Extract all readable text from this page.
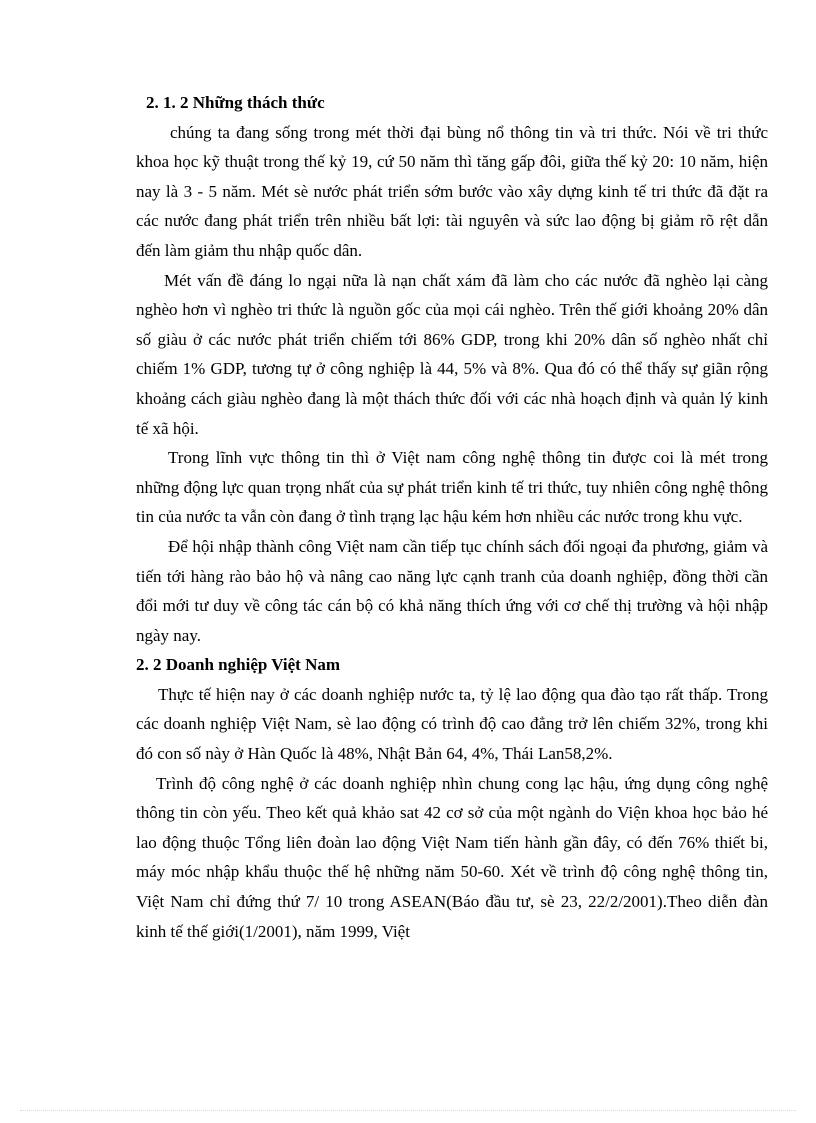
2. 1. 2 Những thách thức

chúng ta đang sống trong mét thời đại bùng nổ thông tin và tri thức. Nói về tri thức khoa học kỹ thuật trong thế kỷ 19, cứ 50 năm thì tăng gấp đôi, giữa thế kỷ 20: 10 năm, hiện nay là 3 - 5 năm. Mét sè nước phát triển sớm bước vào xây dựng kinh tế tri thức đã đặt ra các nước đang phát triển trên nhiều bất lợi: tài nguyên và sức lao động bị giảm rõ rệt dẫn đến làm giảm thu nhập quốc dân.

Mét vấn đề đáng lo ngại nữa là nạn chất xám đã làm cho các nước đã nghèo lại càng nghèo hơn vì nghèo tri thức là nguồn gốc của mọi cái nghèo. Trên thế giới khoảng 20% dân số giàu ở các nước phát triển chiếm tới 86% GDP, trong khi 20% dân số nghèo nhất chỉ chiếm 1% GDP, tương tự ở công nghiệp là 44, 5% và 8%. Qua đó có thể thấy sự giãn rộng khoảng cách giàu nghèo đang là một thách thức đối với các nhà hoạch định và quản lý kinh tế xã hội.

Trong lĩnh vực thông tin thì ở Việt nam công nghệ thông tin được coi là mét trong những động lực quan trọng nhất của sự phát triển kinh tế tri thức, tuy nhiên công nghệ thông tin của nước ta vẫn còn đang ở tình trạng lạc hậu kém hơn nhiều các nước trong khu vực.

Để hội nhập thành công Việt nam cần tiếp tục chính sách đối ngoại đa phương, giảm và tiến tới hàng rào bảo hộ và nâng cao năng lực cạnh tranh của doanh nghiệp, đồng thời cần đổi mới tư duy về công tác cán bộ có khả năng thích ứng với cơ chế thị trường và hội nhập ngày nay.

2. 2 Doanh nghiệp Việt Nam

Thực tế hiện nay ở các doanh nghiệp nước ta, tỷ lệ lao động qua đào tạo rất thấp. Trong các doanh nghiệp Việt Nam, sè lao động có trình độ cao đẳng trở lên chiếm 32%, trong khi đó con số này ở Hàn Quốc là 48%, Nhật Bản 64, 4%, Thái Lan58,2%.

Trình độ công nghệ ở các doanh nghiệp nhìn chung cong lạc hậu, ứng dụng công nghệ thông tin còn yếu. Theo kết quả khảo sat 42 cơ sở của một ngành do Viện khoa học bảo hé lao động thuộc Tổng liên đoàn lao động Việt Nam tiến hành gần đây, có đến 76% thiết bi, máy móc nhập khẩu thuộc thế hệ những năm 50-60. Xét về trình độ công nghệ thông tin, Việt Nam chỉ đứng thứ 7/ 10 trong ASEAN(Báo đầu tư, sè 23, 22/2/2001).Theo diễn đàn kinh tế thế giới(1/2001), năm 1999, Việt
